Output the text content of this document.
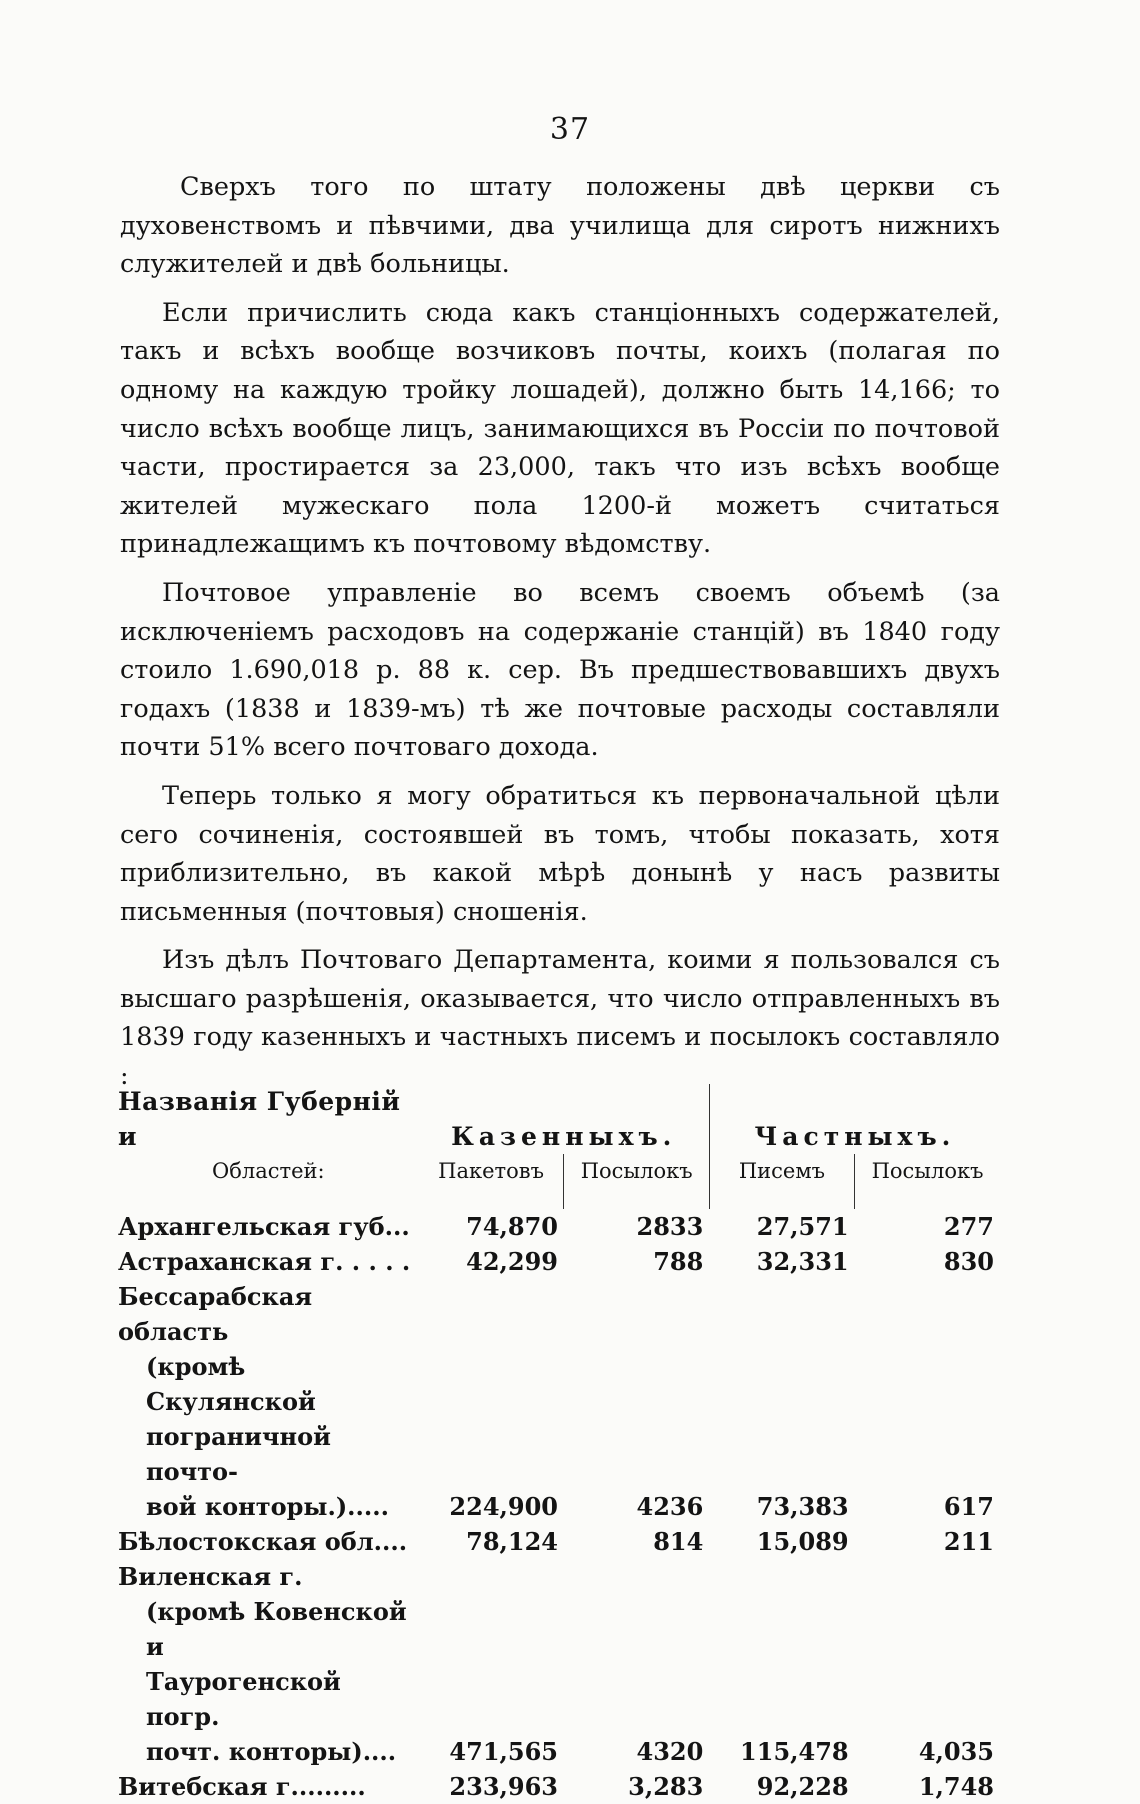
37

Сверхъ того по штату положены двѣ церкви съ духовенствомъ и пѣвчими, два училища для сиротъ нижнихъ служителей и двѣ больницы.

Если причислить сюда какъ станціонныхъ содержателей, такъ и всѣхъ вообще возчиковъ почты, коихъ (полагая по одному на каждую тройку лошадей), должно быть 14,166; то число всѣхъ вообще лицъ, занимающихся въ Россіи по почтовой части, простирается за 23,000, такъ что изъ всѣхъ вообще жителей мужескаго пола 1200-й можетъ считаться принадлежащимъ къ почтовому вѣдомству.

Почтовое управленіе во всемъ своемъ объемѣ (за исключеніемъ расходовъ на содержаніе станцій) въ 1840 году стоило 1.690,018 р. 88 к. сер. Въ предшествовавшихъ двухъ годахъ (1838 и 1839-мъ) тѣ же почтовые расходы составляли почти 51% всего почтоваго дохода.

Теперь только я могу обратиться къ первоначальной цѣли сего сочиненія, состоявшей въ томъ, чтобы показать, хотя приблизительно, въ какой мѣрѣ донынѣ у насъ развиты письменныя (почтовыя) сношенія.

Изъ дѣлъ Почтоваго Департамента, коими я пользовался съ высшаго разрѣшенія, оказывается, что число отправленныхъ въ 1839 году казенныхъ и частныхъ писемъ и посылокъ составляло :

Названія Губерній и	Казенныхъ.		Частныхъ.	
Областей:	Пакетовъ	Посылокъ	Писемъ	Посылокъ
Архангельская губ...	74,870	2833	27,571	277
Астраханская г. . . . .	42,299	788	32,331	830
Бессарабская область				
(кромѣ Скулянской				
пограничной почто-				
вой конторы.).....	224,900	4236	73,383	617
Бѣлостокская обл....	78,124	814	15,089	211
Виленская г.				
(кромѣ Ковенской и				
Таурогенской погр.				
почт. конторы)....	471,565	4320	115,478	4,035
Витебская г.........	233,963	3,283	92,228	1,748
